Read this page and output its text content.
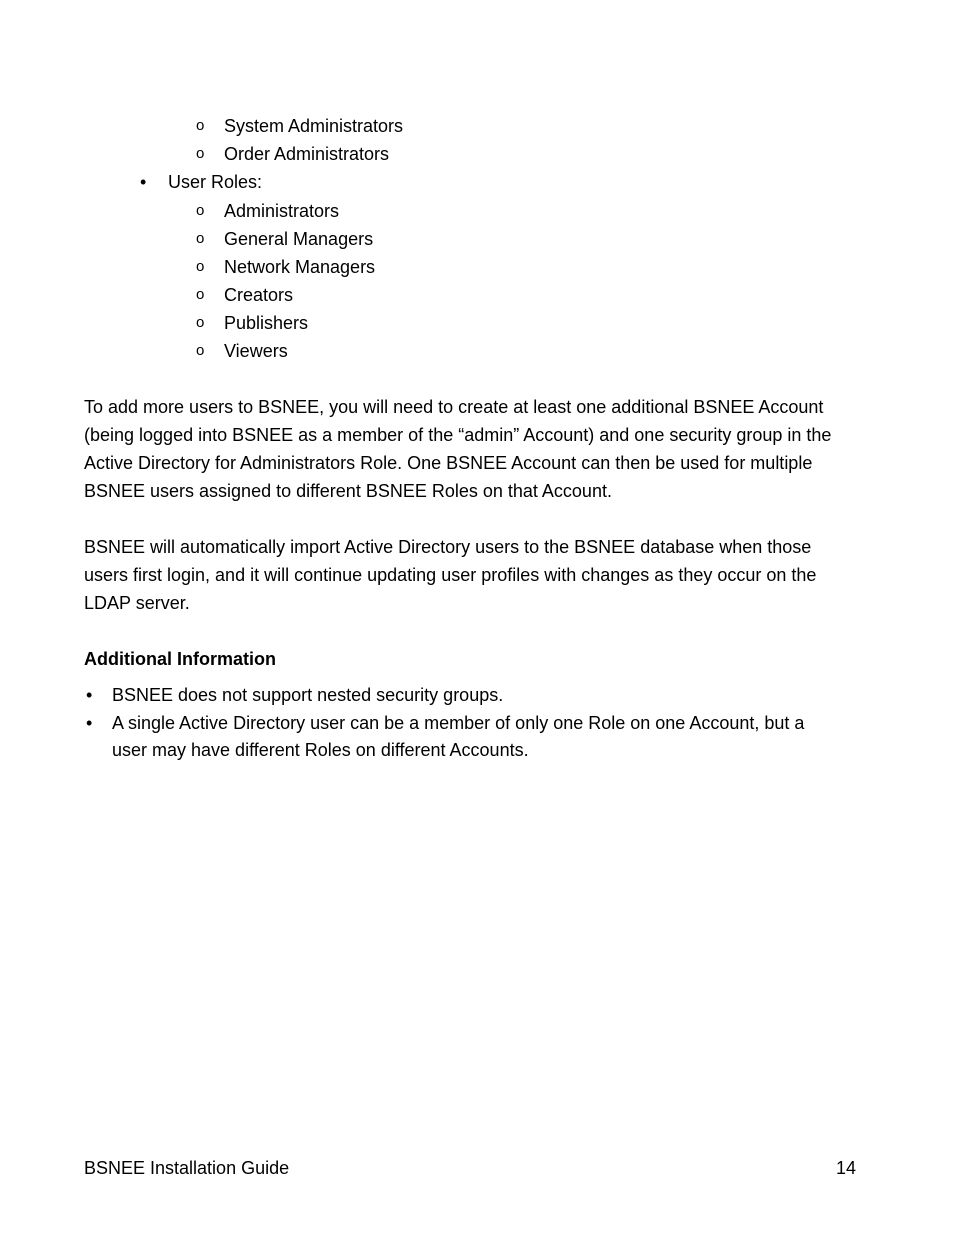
o System Administrators
o Order Administrators
• User Roles:
o Administrators
o General Managers
o Network Managers
o Creators
o Publishers
o Viewers
To add more users to BSNEE, you will need to create at least one additional BSNEE Account
(being logged into BSNEE as a member of the “admin” Account) and one security group in the
Active Directory for Administrators Role. One BSNEE Account can then be used for multiple
BSNEE users assigned to different BSNEE Roles on that Account.
BSNEE will automatically import Active Directory users to the BSNEE database when those
users first login, and it will continue updating user profiles with changes as they occur on the
LDAP server.
Additional Information
• BSNEE does not support nested security groups.
• A single Active Directory user can be a member of only one Role on one Account, but a
user may have different Roles on different Accounts.
BSNEE Installation Guide	14
